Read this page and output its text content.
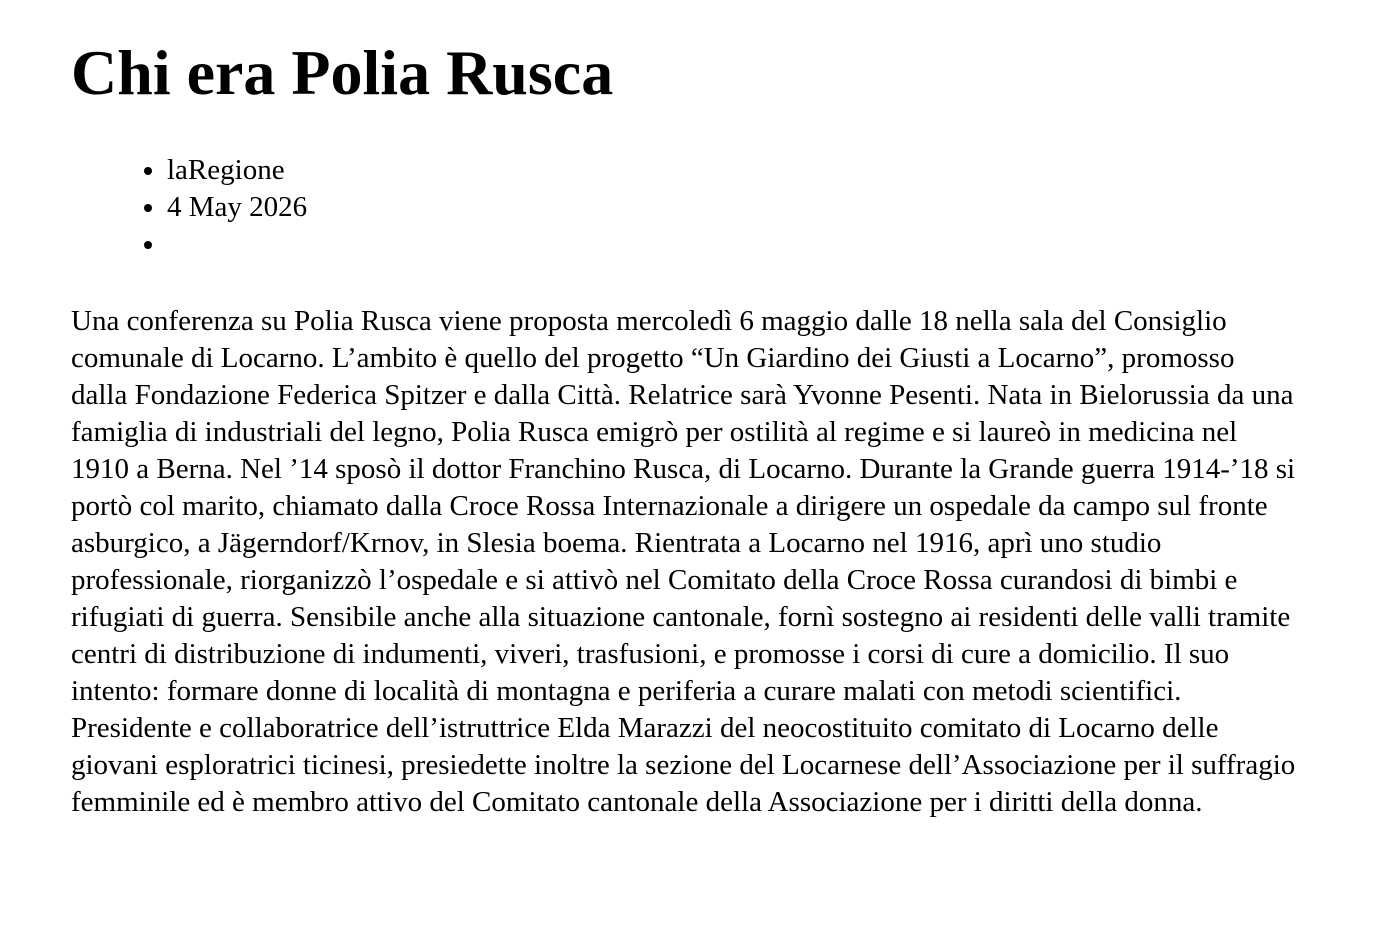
Chi era Polia Rusca
• laRegione
• 4 May 2026
•

Una conferenza su Polia Rusca viene proposta mercoledì 6 maggio dalle 18 nella sala del Consiglio comunale di Locarno. L’ambito è quello del progetto “Un Giardino dei Giusti a Locarno”, promosso dalla Fondazione Federica Spitzer e dalla Città. Relatrice sarà Yvonne Pesenti. Nata in Bielorussia da una famiglia di industriali del legno, Polia Rusca emigrò per ostilità al regime e si laureò in medicina nel 1910 a Berna. Nel ’14 sposò il dottor Franchino Rusca, di Locarno. Durante la Grande guerra 1914-’18 si portò col marito, chiamato dalla Croce Rossa Internazionale a dirigere un ospedale da campo sul fronte asburgico, a Jägerndorf/Krnov, in Slesia boema. Rientrata a Locarno nel 1916, aprì uno studio professionale, riorganizzò l’ospedale e si attivò nel Comitato della Croce Rossa curandosi di bimbi e rifugiati di guerra. Sensibile anche alla situazione cantonale, fornì sostegno ai residenti delle valli tramite centri di distribuzione di indumenti, viveri, trasfusioni, e promosse i corsi di cure a domicilio. Il suo intento: formare donne di località di montagna e periferia a curare malati con metodi scientifici. Presidente e collaboratrice dell’istruttrice Elda Marazzi del neocostituito comitato di Locarno delle giovani esploratrici ticinesi, presiedette inoltre la sezione del Locarnese dell’Associazione per il suffragio femminile ed è membro attivo del Comitato cantonale della Associazione per i diritti della donna.
